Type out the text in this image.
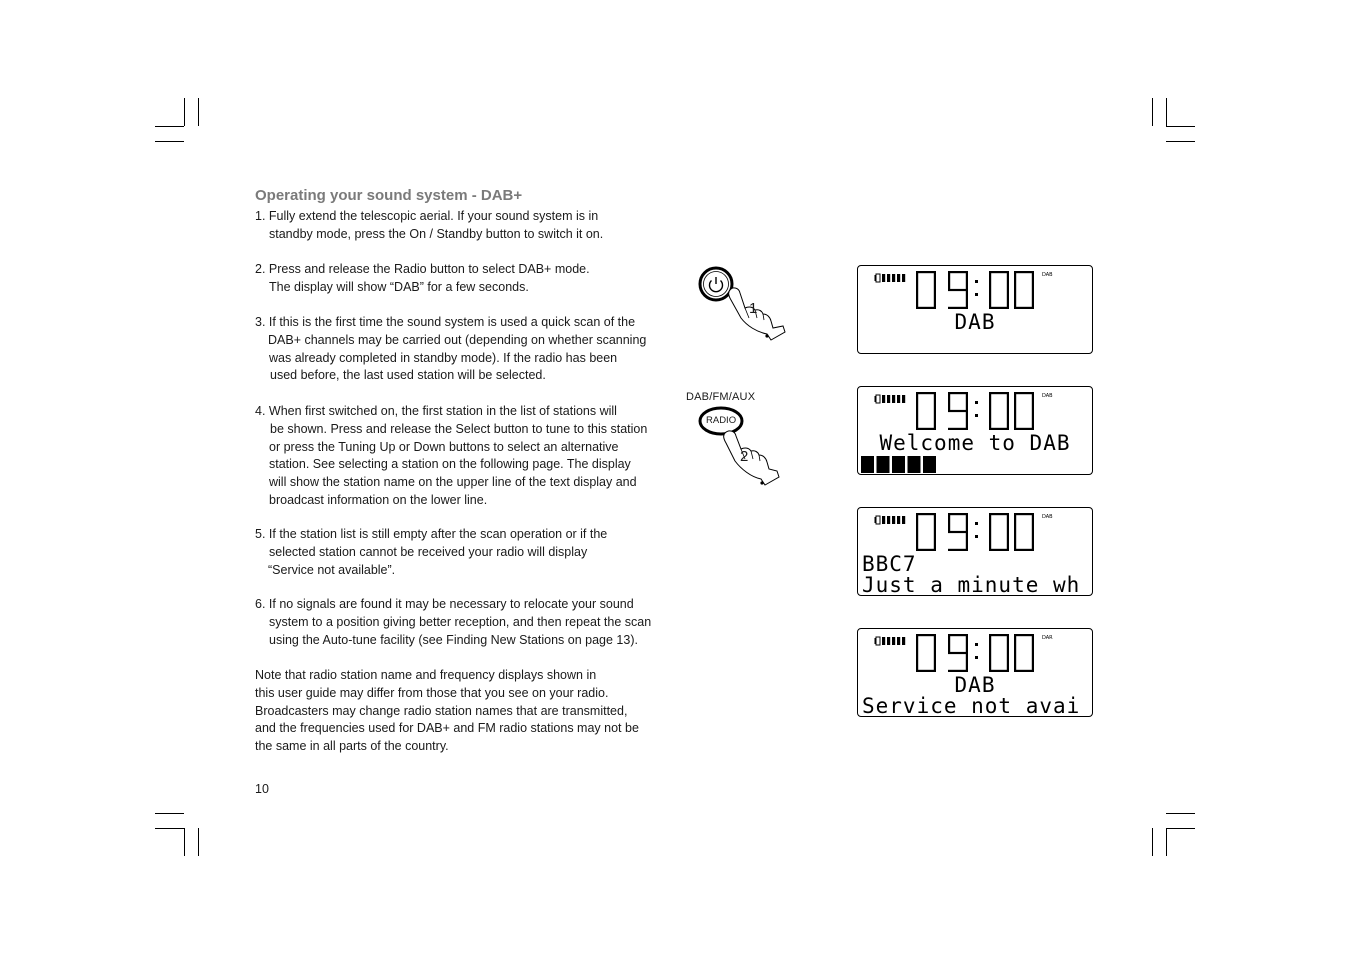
Operating your sound system - DAB+
1. Fully extend the telescopic aerial. If your sound system is in
standby mode, press the On / Standby button to switch it on.
2. Press and release the Radio button to select DAB+ mode.
The display will show “DAB” for a few seconds.
3. If this is the first time the sound system is used a quick scan of the
DAB+ channels may be carried out (depending on whether scanning
was already completed in standby mode). If the radio has been
used before, the last used station will be selected.
4. When first switched on, the first station in the list of stations will
be shown. Press and release the Select button to tune to this station
or press the Tuning Up or Down buttons to select an alternative
station. See selecting a station on the following page. The display
will show the station name on the upper line of the text display and
broadcast information on the lower line.
5. If the station list is still empty after the scan operation or if the
selected station cannot be received your radio will display
“Service not available”.
6. If no signals are found it may be necessary to relocate your sound
system to a position giving better reception, and then repeat the scan
using the Auto-tune facility (see Finding New Stations on page 13).
Note that radio station name and frequency displays shown in
this user guide may differ from those that you see on your radio.
Broadcasters may change radio station names that are transmitted,
and the frequencies used for DAB+ and FM radio stations may not be
the same in all parts of the country.
10
1
DAB/FM/AUX
RADIO
2
DAB
DAB
DAB
Welcome to DAB
DAB
BBC7
Just a minute wh
DAR
DAB
Service not avai
